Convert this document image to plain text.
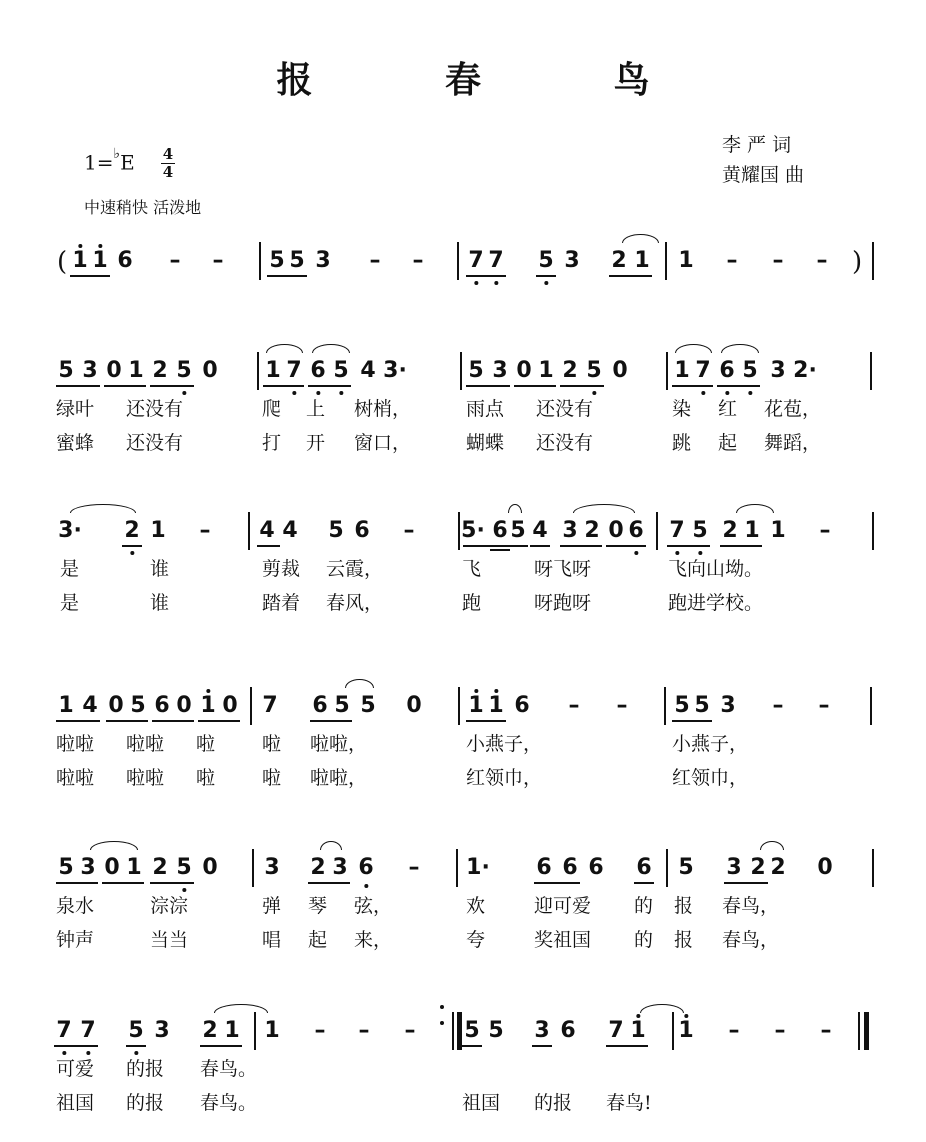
报 春 鸟
李 严 词
黄耀国 曲
1=♭E 4
4
中速稍快 活泼地
1 1 6 – – 5 5 3 – – 7 7 5 3 2 1 1 – – –
(	)
5 3 0 1 2 5 0 1 7 6 5 4 3·	5 3 0 1 2 5 0 1 7 6 5 3 2·
绿叶 还没有	爬 上 树梢，	雨点 还没有	染 红 花苞，
蜜蜂 还没有	打 开 窗口，	蝴蝶 还没有	跳 起 舞蹈，
3· 2 1 – 4 4 5 6 – 5· 6 5 4 3 2 0 6 7 5 2 1 1 –
是	谁	剪裁 云霞，	飞	呀飞呀	飞向山坳。
是	谁	踏着 春风，	跑	呀跑呀	跑进学校。
1 4 0 5 6 0 1 0 7 6 5 5 0 1 1 6 – – 5 5 3 – –
啦啦 啦啦 啦 啦 啦啦，	小燕子，	小燕子，
啦啦 啦啦 啦 啦 啦啦，	红领巾，	红领巾，
5 3 0 1 2 5 0 3 2 3 6 – 1· 6 6 6 6 5 3 2 2 0
泉水	淙淙	弹 琴 弦，	欢	迎可爱 的 报 春鸟，
钟声	当当	唱 起 来，	夸	奖祖国 的 报 春鸟，
7 7 5 3 2 1 1 – – – 5 5 3 6 7 1 1 – – –
可爱 的报 春鸟。
祖国 的报 春鸟。	祖国 的报 春鸟!
